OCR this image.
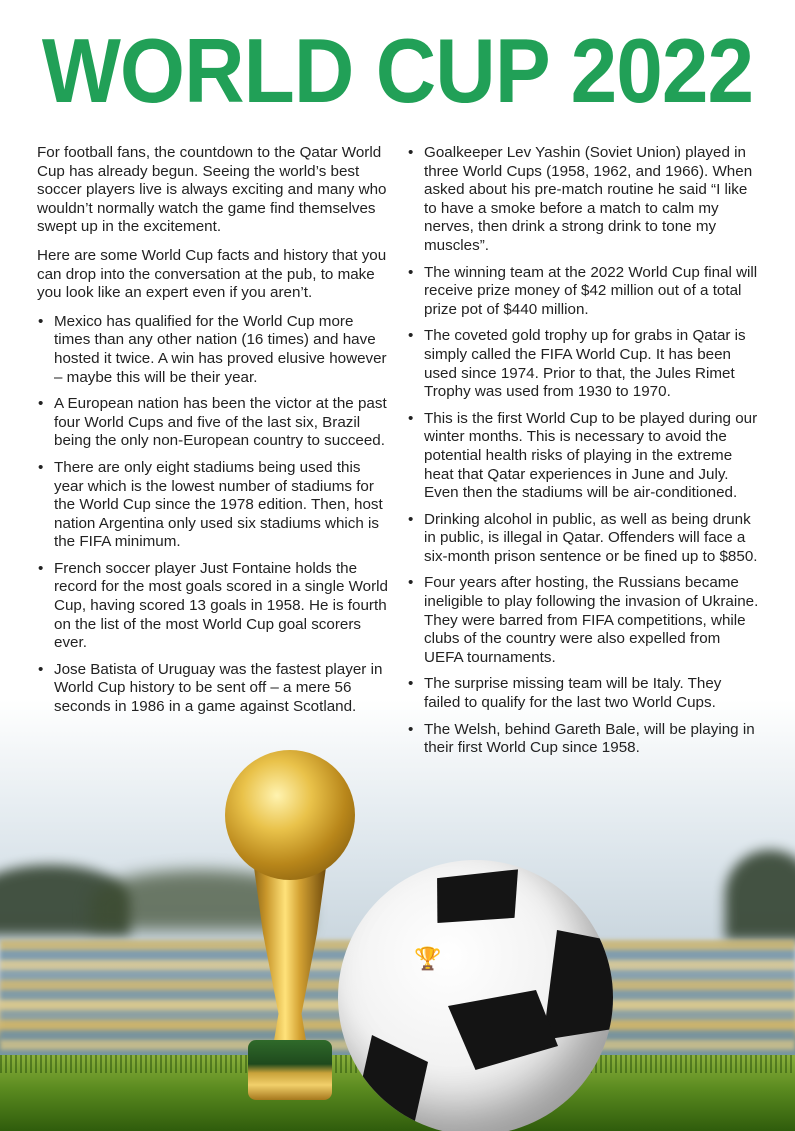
🏆
WORLD CUP 2022

For football fans, the countdown to the Qatar World Cup has already begun. Seeing the world’s best soccer players live is always exciting and many who wouldn’t normally watch the game find themselves swept up in the excitement.

Here are some World Cup facts and history that you can drop into the conversation at the pub, to make you look like an expert even if you aren’t.

• Mexico has qualified for the World Cup more times than any other nation (16 times) and have hosted it twice. A win has proved elusive however – maybe this will be their year.
• A European nation has been the victor at the past four World Cups and five of the last six, Brazil being the only non-European country to succeed.
• There are only eight stadiums being used this year which is the lowest number of stadiums for the World Cup since the 1978 edition. Then, host nation Argentina only used six stadiums which is the FIFA minimum.
• French soccer player Just Fontaine holds the record for the most goals scored in a single World Cup, having scored 13 goals in 1958. He is fourth on the list of the most World Cup goal scorers ever.
• Jose Batista of Uruguay was the fastest player in World Cup history to be sent off – a mere 56 seconds in 1986 in a game against Scotland.
• Goalkeeper Lev Yashin (Soviet Union) played in three World Cups (1958, 1962, and 1966). When asked about his pre-match routine he said “I like to have a smoke before a match to calm my nerves, then drink a strong drink to tone my muscles”.
• The winning team at the 2022 World Cup final will receive prize money of $42 million out of a total prize pot of $440 million.
• The coveted gold trophy up for grabs in Qatar is simply called the FIFA World Cup. It has been used since 1974. Prior to that, the Jules Rimet Trophy was used from 1930 to 1970.
• This is the first World Cup to be played during our winter months. This is necessary to avoid the potential health risks of playing in the extreme heat that Qatar experiences in June and July. Even then the stadiums will be air-conditioned.
• Drinking alcohol in public, as well as being drunk in public, is illegal in Qatar. Offenders will face a six-month prison sentence or be fined up to $850.
• Four years after hosting, the Russians became ineligible to play following the invasion of Ukraine. They were barred from FIFA competitions, while clubs of the country were also expelled from UEFA tournaments.
• The surprise missing team will be Italy. They failed to qualify for the last two World Cups.
• The Welsh, behind Gareth Bale, will be playing in their first World Cup since 1958.
